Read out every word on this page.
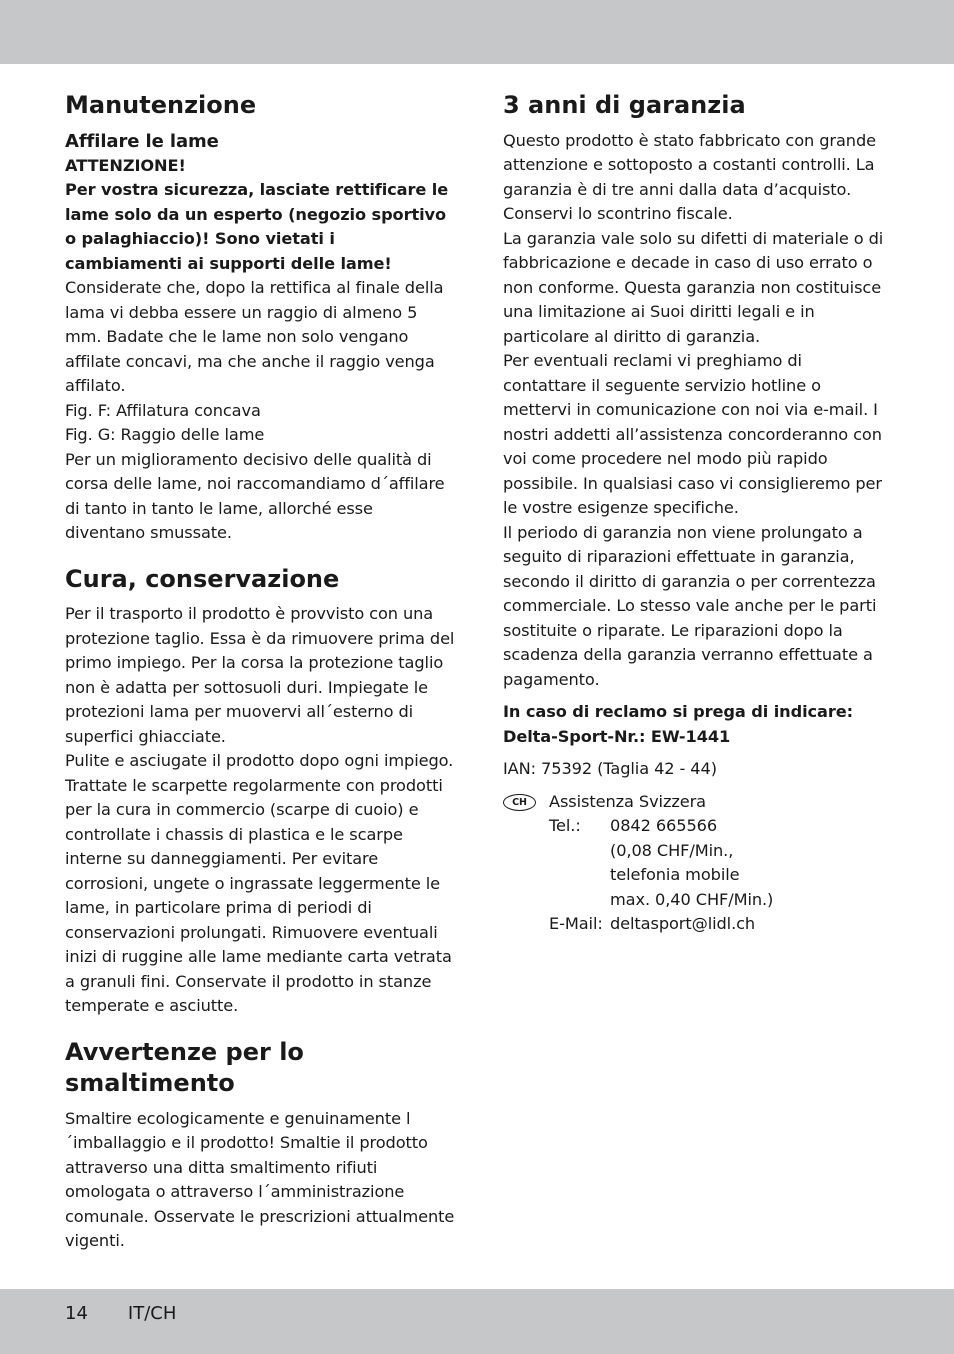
Manutenzione
Affilare le lame

ATTENZIONE!

Per vostra sicurezza, lasciate rettificare le lame solo da un esperto (negozio sportivo o palaghiaccio)! Sono vietati i cambiamenti ai supporti delle lame!

Considerate che, dopo la rettifica al finale della lama vi debba essere un raggio di almeno 5 mm. Badate che le lame non solo vengano affilate concavi, ma che anche il raggio venga affilato.

Fig. F: Affilatura concava

Fig. G: Raggio delle lame

Per un miglioramento decisivo delle qualità di corsa delle lame, noi raccomandiamo d´affilare di tanto in tanto le lame, allorché esse diventano smussate.

Cura, conservazione

Per il trasporto il prodotto è provvisto con una protezione taglio. Essa è da rimuovere prima del primo impiego. Per la corsa la protezione taglio non è adatta per sottosuoli duri. Impiegate le protezioni lama per muovervi all´esterno di superfici ghiacciate.

Pulite e asciugate il prodotto dopo ogni impiego. Trattate le scarpette regolarmente con prodotti per la cura in commercio (scarpe di cuoio) e controllate i chassis di plastica e le scarpe interne su danneggiamenti. Per evitare corrosioni, ungete o ingrassate leggermente le lame, in particolare prima di periodi di conservazioni prolungati. Rimuovere eventuali inizi di ruggine alle lame mediante carta vetrata a granuli fini. Conservate il prodotto in stanze temperate e asciutte.

Avvertenze per lo smaltimento

Smaltire ecologicamente e genuinamente l´imballaggio e il prodotto! Smaltie il prodotto attraverso una ditta smaltimento rifiuti omologata o attraverso l´amministrazione comunale. Osservate le prescrizioni attualmente vigenti.

3 anni di garanzia

Questo prodotto è stato fabbricato con grande attenzione e sottoposto a costanti controlli. La garanzia è di tre anni dalla data d’acquisto. Conservi lo scontrino fiscale.

La garanzia vale solo su difetti di materiale o di fabbricazione e decade in caso di uso errato o non conforme. Questa garanzia non costituisce una limitazione ai Suoi diritti legali e in particolare al diritto di garanzia.

Per eventuali reclami vi preghiamo di contattare il seguente servizio hotline o mettervi in comunicazione con noi via e-mail. I nostri addetti all’assistenza concorderanno con voi come procedere nel modo più rapido possibile. In qualsiasi caso vi consiglieremo per le vostre esigenze specifiche.

Il periodo di garanzia non viene prolungato a seguito di riparazioni effettuate in garanzia, secondo il diritto di garanzia o per correntezza commerciale. Lo stesso vale anche per le parti sostituite o riparate. Le riparazioni dopo la scadenza della garanzia verranno effettuate a pagamento.

In caso di reclamo si prega di indicare:

Delta-Sport-Nr.: EW-1441

IAN: 75392 (Taglia 42 - 44)

CH	Assistenza Svizzera

Tel.:	0842 665566

(0,08 CHF/Min.,

telefonia mobile

max. 0,40 CHF/Min.)

E-Mail: deltasport@lidl.ch
14 IT/CH
